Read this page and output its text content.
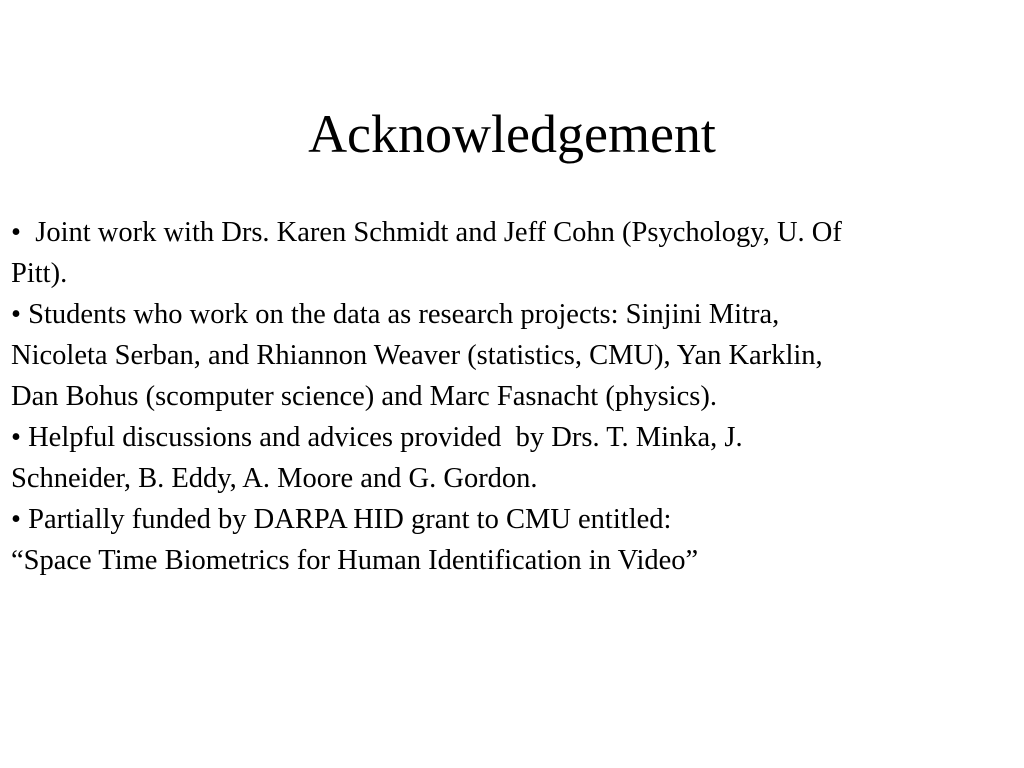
Acknowledgement
•  Joint work with Drs. Karen Schmidt and Jeff Cohn (Psychology, U. Of
Pitt).
• Students who work on the data as research projects: Sinjini Mitra,
Nicoleta Serban, and Rhiannon Weaver (statistics, CMU), Yan Karklin,
Dan Bohus (scomputer science) and Marc Fasnacht (physics).
• Helpful discussions and advices provided  by Drs. T. Minka, J.
Schneider, B. Eddy, A. Moore and G. Gordon.
• Partially funded by DARPA HID grant to CMU entitled:
“Space Time Biometrics for Human Identification in Video”
